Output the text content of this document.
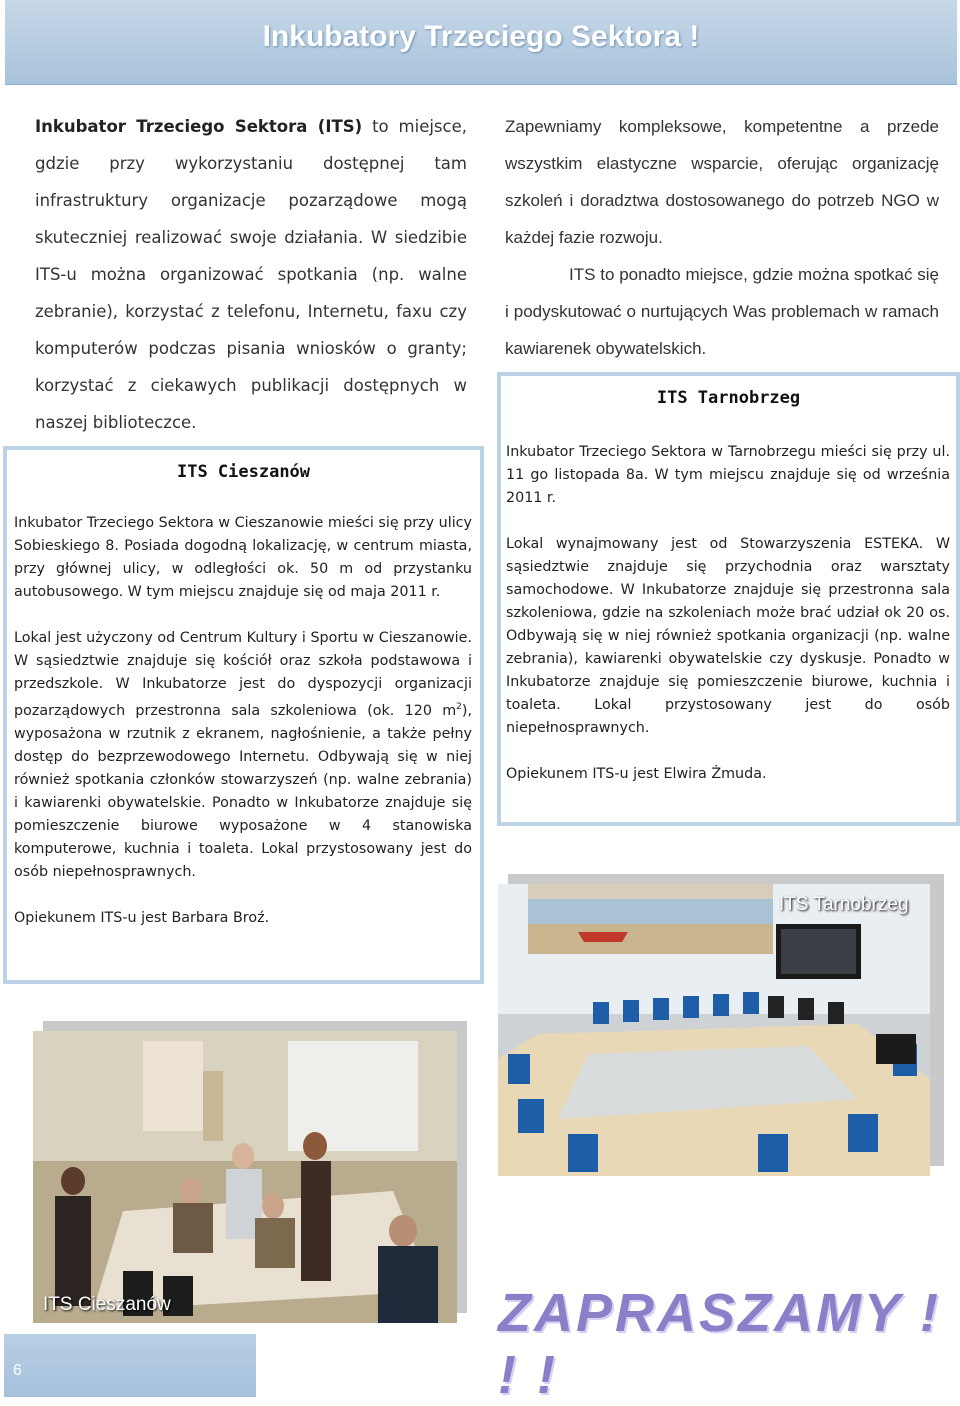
Inkubatory Trzeciego Sektora !
Inkubator Trzeciego Sektora (ITS) to miejsce, gdzie przy wykorzystaniu dostępnej tam infrastruktury organizacje pozarządowe mogą skuteczniej realizować swoje działania. W siedzibie ITS-u można organizować spotkania (np. walne zebranie), korzystać z telefonu, Internetu, faxu czy komputerów podczas pisania wniosków o granty; korzystać z ciekawych publikacji dostępnych w naszej biblioteczce.

Zapewniamy kompleksowe, kompetentne a przede wszystkim elastyczne wsparcie, oferując organizację szkoleń i doradztwa dostosowanego do potrzeb NGO w każdej fazie rozwoju.

ITS to ponadto miejsce, gdzie można spotkać się i podyskutować o nurtujących Was problemach w ramach kawiarenek obywatelskich.

ITS Cieszanów

Inkubator Trzeciego Sektora w Cieszanowie mieści się przy ulicy Sobieskiego 8. Posiada dogodną lokalizację, w centrum miasta, przy głównej ulicy, w odległości ok. 50 m od przystanku autobusowego. W tym miejscu znajduje się od maja 2011 r.

Lokal jest użyczony od Centrum Kultury i Sportu w Cieszanowie. W sąsiedztwie znajduje się kościół oraz szkoła podstawowa i przedszkole. W Inkubatorze jest do dyspozycji organizacji pozarządowych przestronna sala szkoleniowa (ok. 120 $m^2$), wyposażona w rzutnik z ekranem, nagłośnienie, a także pełny dostęp do bezprzewodowego Internetu. Odbywają się w niej również spotkania członków stowarzyszeń (np. walne zebrania) i kawiarenki obywatelskie. Ponadto w Inkubatorze znajduje się pomieszczenie biurowe wyposażone w 4 stanowiska komputerowe, kuchnia i toaleta. Lokal przystosowany jest do osób niepełnosprawnych.

Opiekunem ITS-u jest Barbara Broź.

ITS Tarnobrzeg

Inkubator Trzeciego Sektora w Tarnobrzegu mieści się przy ul. 11 go listopada 8a. W tym miejscu znajduje się od września 2011 r.

Lokal wynajmowany jest od Stowarzyszenia ESTEKA. W sąsiedztwie znajduje się przychodnia oraz warsztaty samochodowe. W Inkubatorze znajduje się przestronna sala szkoleniowa, gdzie na szkoleniach może brać udział ok 20 os. Odbywają się w niej również spotkania organizacji (np. walne zebrania), kawiarenki obywatelskie czy dyskusje. Ponadto w Inkubatorze znajduje się pomieszczenie biurowe, kuchnia i toaleta. Lokal przystosowany jest do osób niepełnosprawnych.

Opiekunem ITS-u jest Elwira Żmuda.

ITS Tarnobrzeg
ITS Cieszanów	ZAPRASZAMY ! ! !
6
